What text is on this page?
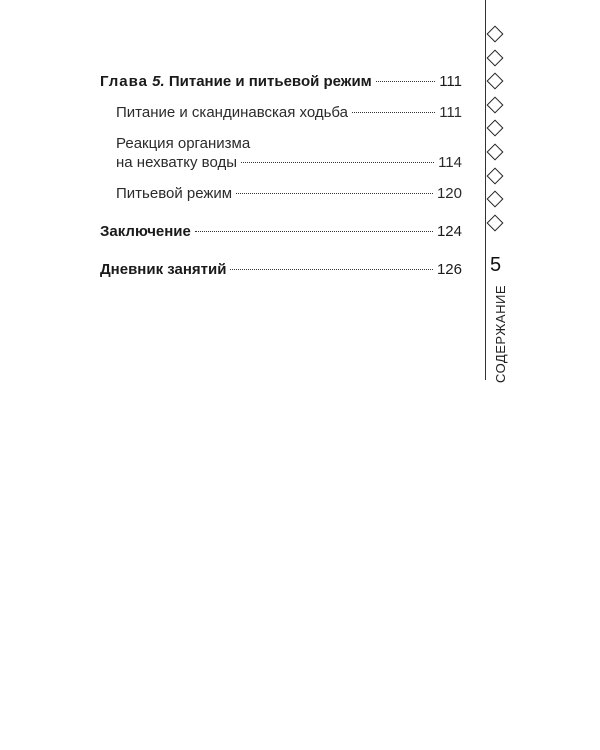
Глава 5. Питание и питьевой режим	111
Питание и скандинавская ходьба	111
Реакция организма
на нехватку воды	114
Питьевой режим	120
Заключение	124
Дневник занятий	126 5
СОДЕРЖАНИЕ
